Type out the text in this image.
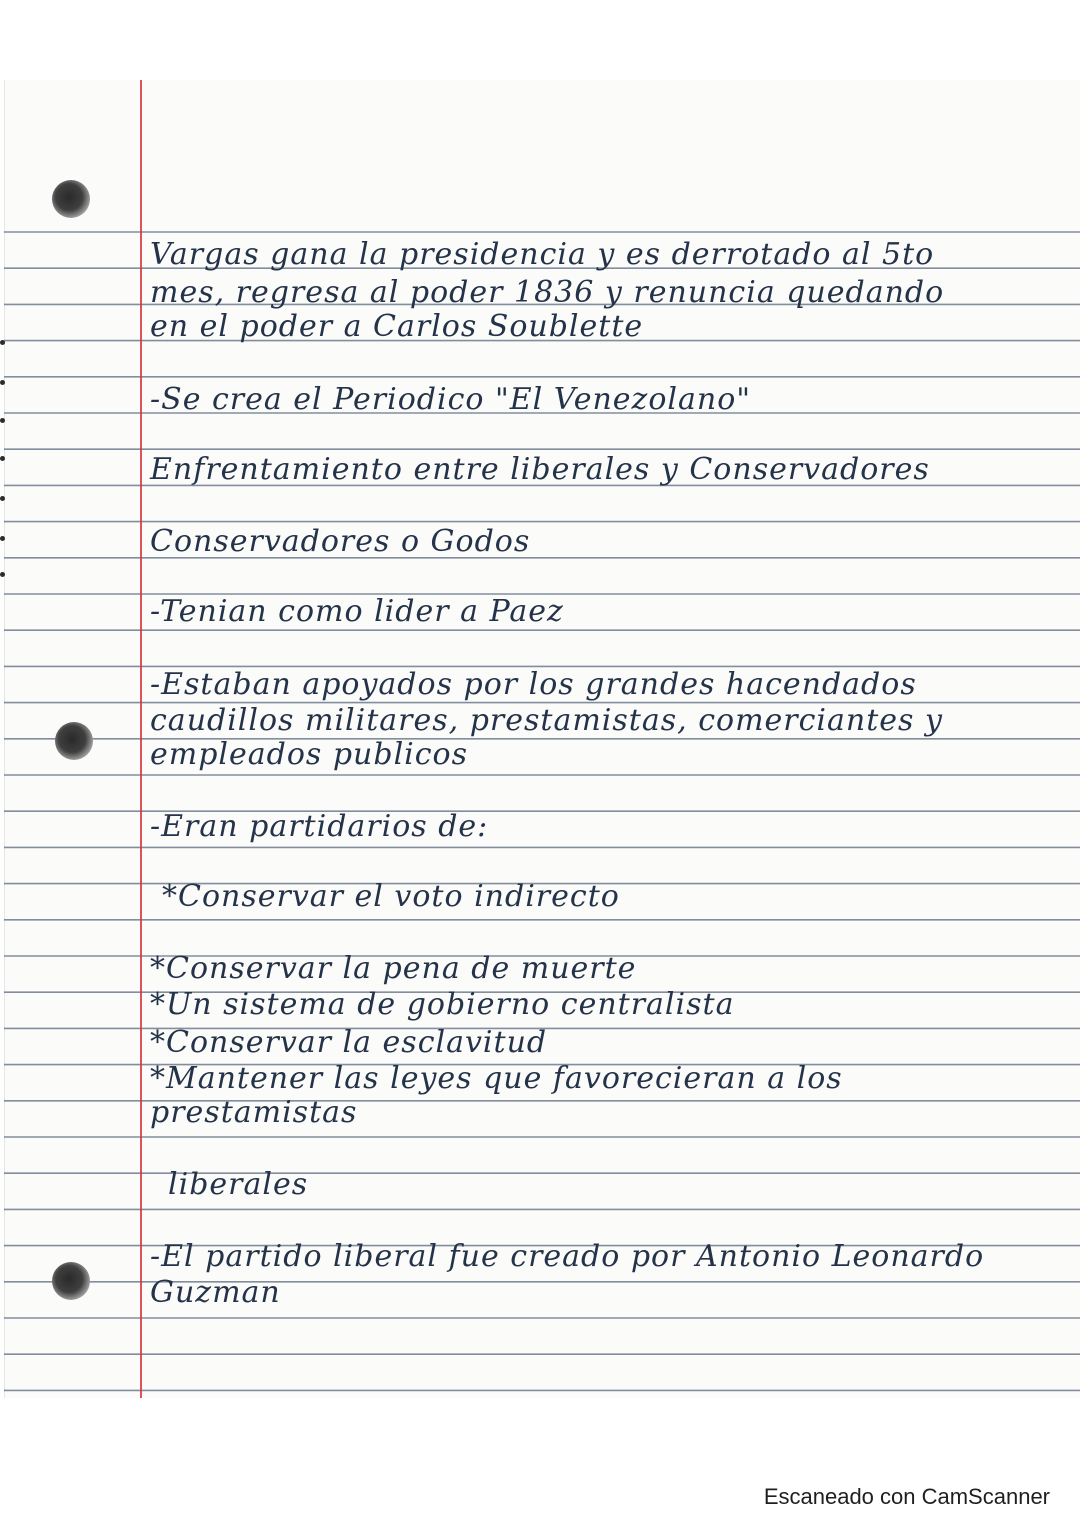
Vargas gana la presidencia y es derrotado al 5to
mes, regresa al poder 1836 y renuncia quedando
en el poder a Carlos Soublette
-Se crea el Periodico "El Venezolano"
Enfrentamiento entre liberales y Conservadores
Conservadores o Godos
-Tenian como lider a Paez
-Estaban apoyados por los grandes hacendados
caudillos militares, prestamistas, comerciantes y
empleados publicos
-Eran partidarios de:
*Conservar el voto indirecto
*Conservar la pena de muerte
*Un sistema de gobierno centralista
*Conservar la esclavitud
*Mantener las leyes que favorecieran a los
prestamistas
liberales
-El partido liberal fue creado por Antonio Leonardo
Guzman
Escaneado con CamScanner
